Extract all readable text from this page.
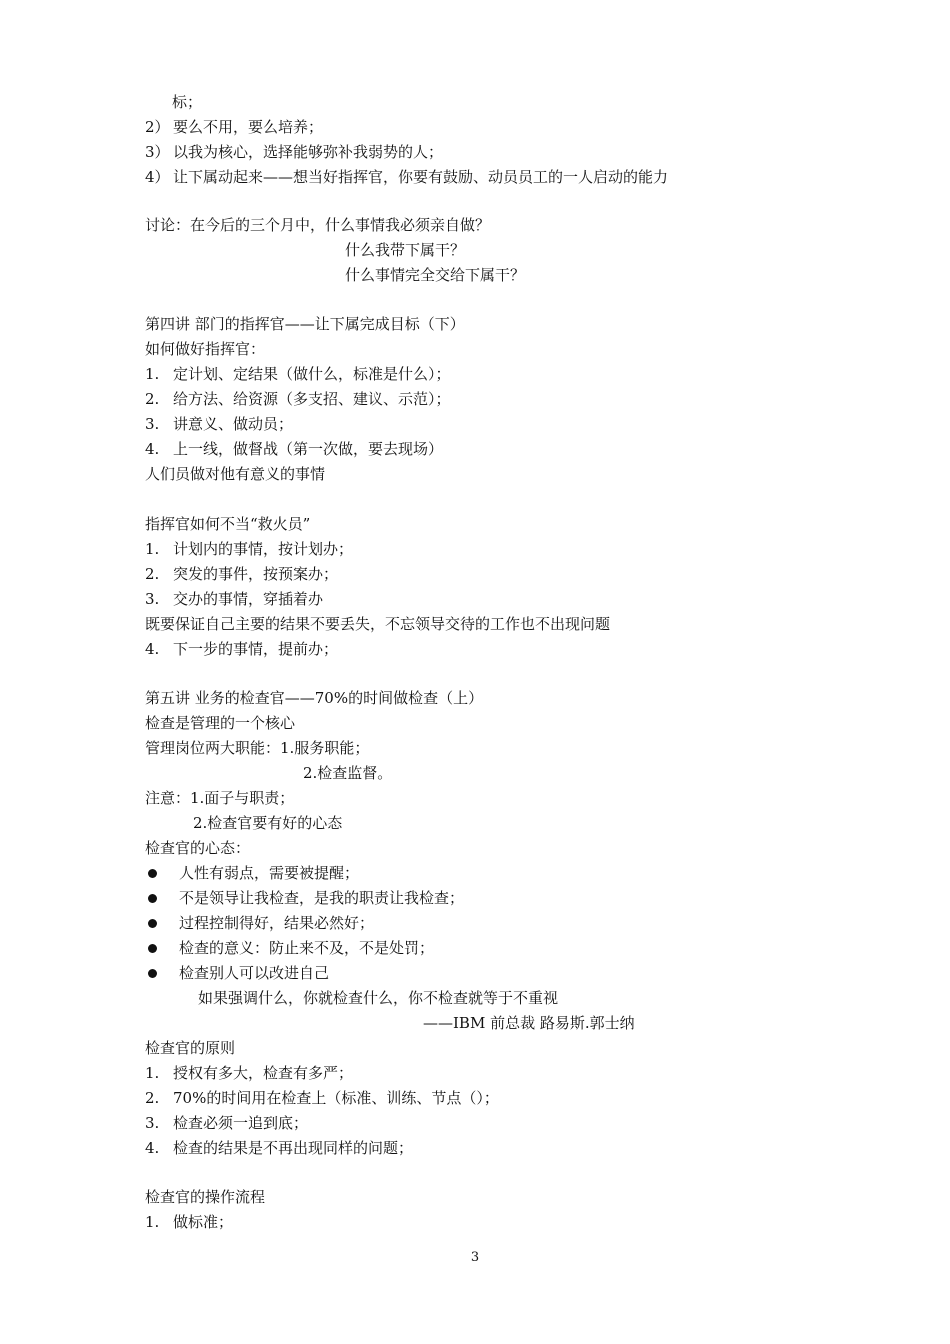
标；
2） 要么不用，要么培养；
3） 以我为核心，选择能够弥补我弱势的人；
4） 让下属动起来——想当好指挥官，你要有鼓励、动员员工的一人启动的能力
讨论：在今后的三个月中，什么事情我必须亲自做？
什么我带下属干？
什么事情完全交给下属干？
第四讲 部门的指挥官——让下属完成目标（下）
如何做好指挥官：
1. 定计划、定结果（做什么，标准是什么）；
2. 给方法、给资源（多支招、建议、示范）；
3. 讲意义、做动员；
4. 上一线，做督战（第一次做，要去现场）
人们员做对他有意义的事情
指挥官如何不当“救火员”
1. 计划内的事情，按计划办；
2. 突发的事件，按预案办；
3. 交办的事情，穿插着办
既要保证自己主要的结果不要丢失，不忘领导交待的工作也不出现问题
4. 下一步的事情，提前办；
第五讲 业务的检查官——70%的时间做检查（上）
检查是管理的一个核心
管理岗位两大职能：1.服务职能；
2.检查监督。
注意：1.面子与职责；
2.检查官要有好的心态
检查官的心态：
人性有弱点，需要被提醒；
不是领导让我检查，是我的职责让我检查；
过程控制得好，结果必然好；
检查的意义：防止来不及，不是处罚；
检查别人可以改进自己
如果强调什么，你就检查什么，你不检查就等于不重视
——IBM 前总裁 路易斯.郭士纳
检查官的原则
1. 授权有多大，检查有多严；
2. 70%的时间用在检查上（标准、训练、节点（）；
3. 检查必须一追到底；
4. 检查的结果是不再出现同样的问题；
检查官的操作流程
1. 做标准；
3
